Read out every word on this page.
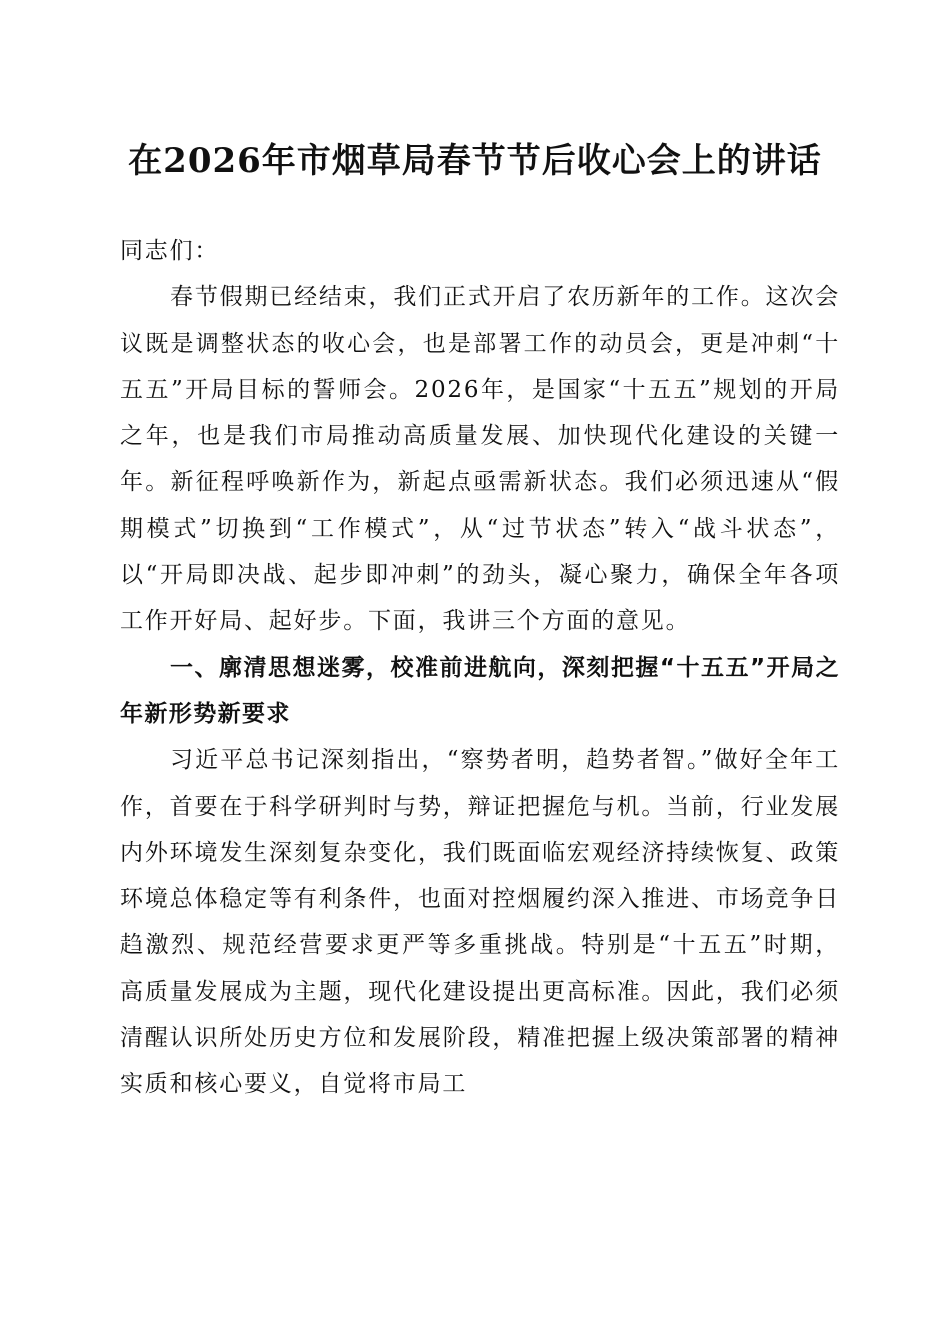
在2026年市烟草局春节节后收心会上的讲话

同志们：

春节假期已经结束，我们正式开启了农历新年的工作。这次会议既是调整状态的收心会，也是部署工作的动员会，更是冲刺“十五五”开局目标的誓师会。2026年，是国家“十五五”规划的开局之年，也是我们市局推动高质量发展、加快现代化建设的关键一年。新征程呼唤新作为，新起点亟需新状态。我们必须迅速从“假期模式”切换到“工作模式”，从“过节状态”转入“战斗状态”，以“开局即决战、起步即冲刺”的劲头，凝心聚力，确保全年各项工作开好局、起好步。下面，我讲三个方面的意见。

一、廓清思想迷雾，校准前进航向，深刻把握“十五五”开局之年新形势新要求

习近平总书记深刻指出，“察势者明，趋势者智。”做好全年工作，首要在于科学研判时与势，辩证把握危与机。当前，行业发展内外环境发生深刻复杂变化，我们既面临宏观经济持续恢复、政策环境总体稳定等有利条件，也面对控烟履约深入推进、市场竞争日趋激烈、规范经营要求更严等多重挑战。特别是“十五五”时期，高质量发展成为主题，现代化建设提出更高标准。因此，我们必须清醒认识所处历史方位和发展阶段，精准把握上级决策部署的精神实质和核心要义，自觉将市局工
